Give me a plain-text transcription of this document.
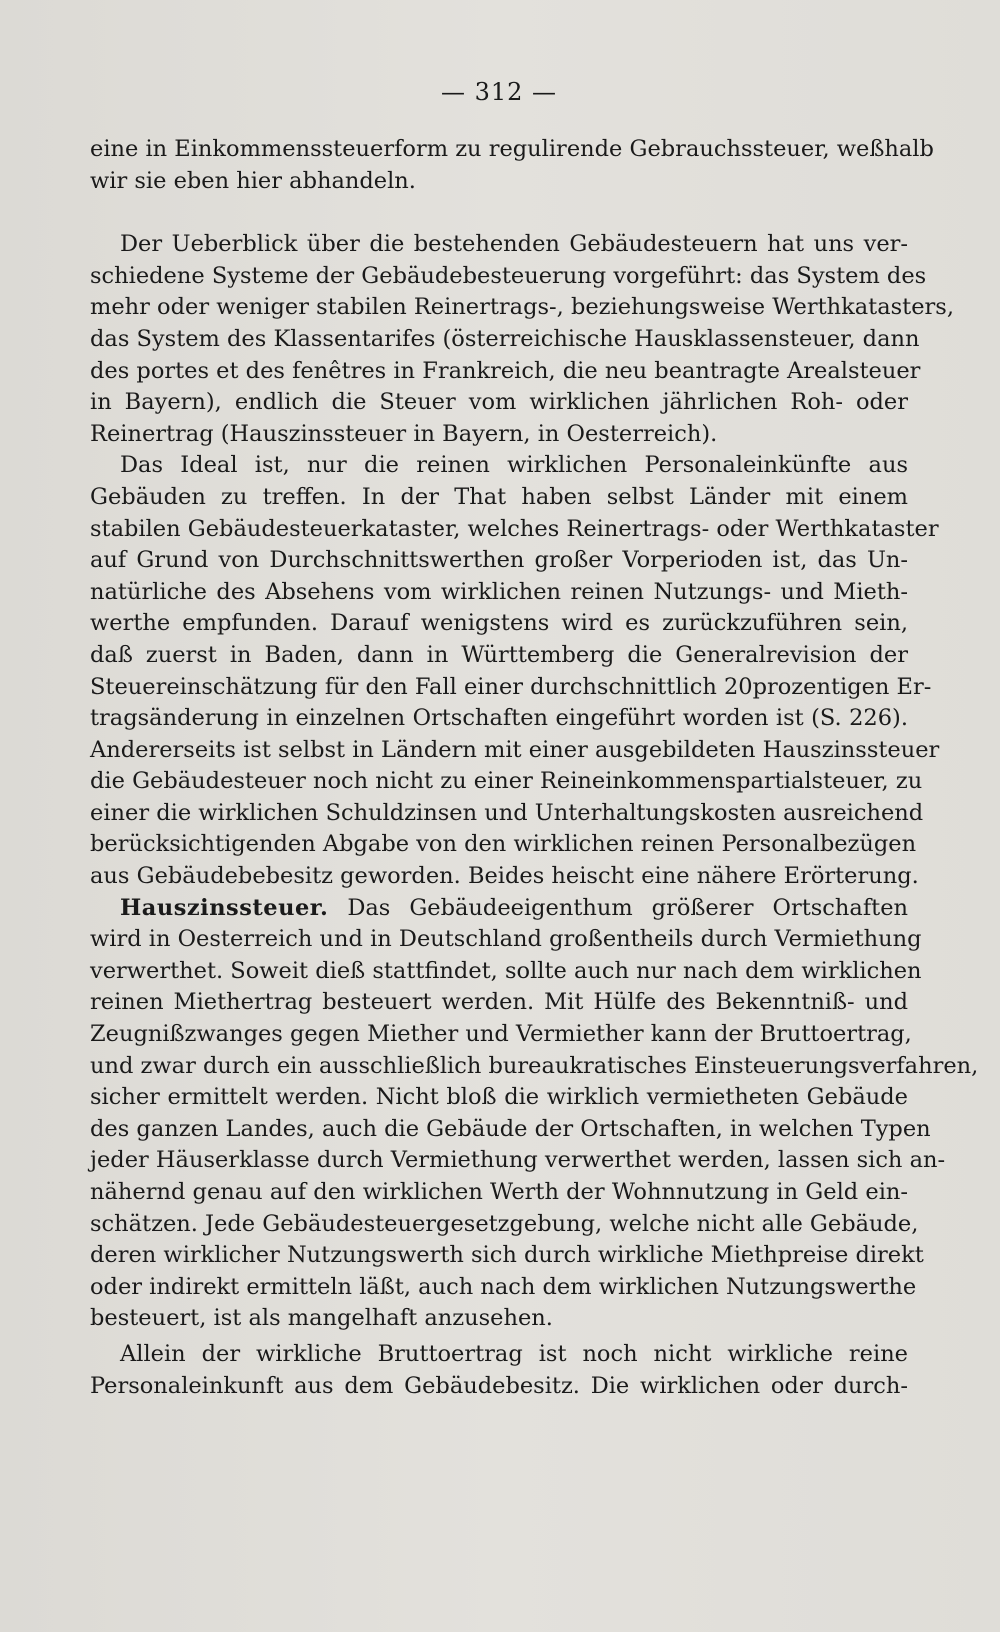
— 312 —

eine in Einkommenssteuerform zu regulirende Gebrauchssteuer, weßhalb
wir sie eben hier abhandeln.

Der Ueberblick über die bestehenden Gebäudesteuern hat uns ver-
schiedene Systeme der Gebäudebesteuerung vorgeführt: das System des
mehr oder weniger stabilen Reinertrags-, beziehungsweise Werthkatasters,
das System des Klassentarifes (österreichische Hausklassensteuer, dann
des portes et des fenêtres in Frankreich, die neu beantragte Arealsteuer
in Bayern), endlich die Steuer vom wirklichen jährlichen Roh- oder
Reinertrag (Hauszinssteuer in Bayern, in Oesterreich).

Das Ideal ist, nur die reinen wirklichen Personaleinkünfte aus
Gebäuden zu treffen. In der That haben selbst Länder mit einem
stabilen Gebäudesteuerkataster, welches Reinertrags- oder Werthkataster
auf Grund von Durchschnittswerthen großer Vorperioden ist, das Un-
natürliche des Absehens vom wirklichen reinen Nutzungs- und Mieth-
werthe empfunden. Darauf wenigstens wird es zurückzuführen sein,
daß zuerst in Baden, dann in Württemberg die Generalrevision der
Steuereinschätzung für den Fall einer durchschnittlich 20prozentigen Er-
tragsänderung in einzelnen Ortschaften eingeführt worden ist (S. 226).
Andererseits ist selbst in Ländern mit einer ausgebildeten Hauszinssteuer
die Gebäudesteuer noch nicht zu einer Reineinkommenspartialsteuer, zu
einer die wirklichen Schuldzinsen und Unterhaltungskosten ausreichend
berücksichtigenden Abgabe von den wirklichen reinen Personalbezügen
aus Gebäudebebesitz geworden. Beides heischt eine nähere Erörterung.

Hauszinssteuer. Das Gebäudeeigenthum größerer Ortschaften
wird in Oesterreich und in Deutschland großentheils durch Vermiethung
verwerthet. Soweit dieß stattfindet, sollte auch nur nach dem wirklichen
reinen Miethertrag besteuert werden. Mit Hülfe des Bekenntniß- und
Zeugnißzwanges gegen Miether und Vermiether kann der Bruttoertrag,
und zwar durch ein ausschließlich bureaukratisches Einsteuerungsverfahren,
sicher ermittelt werden. Nicht bloß die wirklich vermietheten Gebäude
des ganzen Landes, auch die Gebäude der Ortschaften, in welchen Typen
jeder Häuserklasse durch Vermiethung verwerthet werden, lassen sich an-
nähernd genau auf den wirklichen Werth der Wohnnutzung in Geld ein-
schätzen. Jede Gebäudesteuergesetzgebung, welche nicht alle Gebäude,
deren wirklicher Nutzungswerth sich durch wirkliche Miethpreise direkt
oder indirekt ermitteln läßt, auch nach dem wirklichen Nutzungswerthe
besteuert, ist als mangelhaft anzusehen.

Allein der wirkliche Bruttoertrag ist noch nicht wirkliche reine
Personaleinkunft aus dem Gebäudebesitz. Die wirklichen oder durch-
